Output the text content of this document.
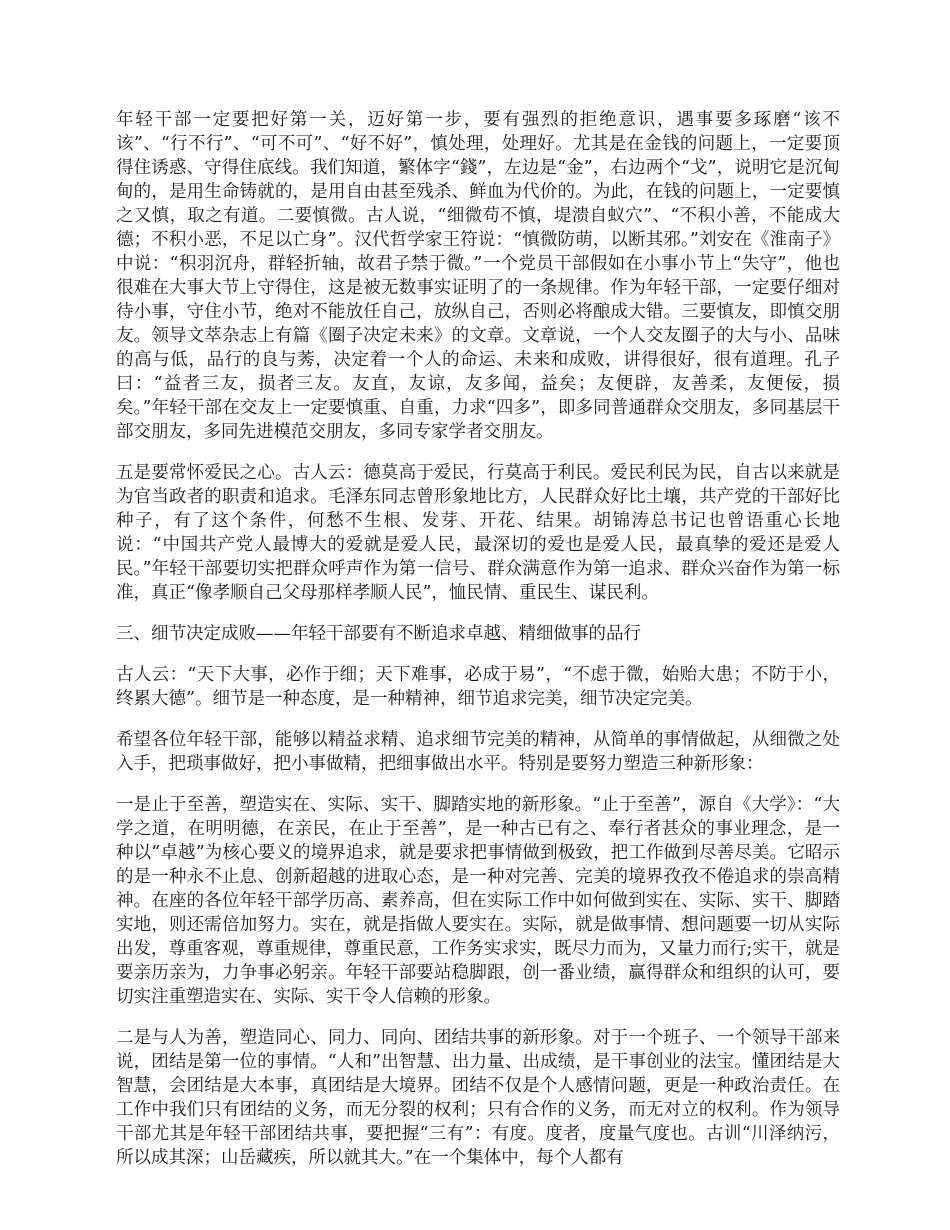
年轻干部一定要把好第一关，迈好第一步，要有强烈的拒绝意识，遇事要多琢磨“该不该”、“行不行”、“可不可”、“好不好”，慎处理，处理好。尤其是在金钱的问题上，一定要顶得住诱惑、守得住底线。我们知道，繁体字“錢”，左边是“金”，右边两个“戈”，说明它是沉甸甸的，是用生命铸就的，是用自由甚至残杀、鲜血为代价的。为此，在钱的问题上，一定要慎之又慎，取之有道。二要慎微。古人说，“细微苟不慎，堤溃自蚁穴”、“不积小善，不能成大德；不积小恶，不足以亡身”。汉代哲学家王符说：“慎微防萌，以断其邪。”刘安在《淮南子》中说：“积羽沉舟，群轻折轴，故君子禁于微。”一个党员干部假如在小事小节上“失守”，他也很难在大事大节上守得住，这是被无数事实证明了的一条规律。作为年轻干部，一定要仔细对待小事，守住小节，绝对不能放任自己，放纵自己，否则必将酿成大错。三要慎友，即慎交朋友。领导文萃杂志上有篇《圈子决定未来》的文章。文章说，一个人交友圈子的大与小、品味的高与低，品行的良与莠，决定着一个人的命运、未来和成败，讲得很好，很有道理。孔子曰：“益者三友，损者三友。友直，友谅，友多闻，益矣；友便辟，友善柔，友便佞，损矣。”年轻干部在交友上一定要慎重、自重，力求“四多”，即多同普通群众交朋友，多同基层干部交朋友，多同先进模范交朋友，多同专家学者交朋友。

五是要常怀爱民之心。古人云：德莫高于爱民，行莫高于利民。爱民利民为民，自古以来就是为官当政者的职责和追求。毛泽东同志曾形象地比方，人民群众好比土壤，共产党的干部好比种子，有了这个条件，何愁不生根、发芽、开花、结果。胡锦涛总书记也曾语重心长地说：“中国共产党人最博大的爱就是爱人民，最深切的爱也是爱人民，最真挚的爱还是爱人民。”年轻干部要切实把群众呼声作为第一信号、群众满意作为第一追求、群众兴奋作为第一标准，真正“像孝顺自己父母那样孝顺人民”，恤民情、重民生、谋民利。

三、细节决定成败——年轻干部要有不断追求卓越、精细做事的品行

古人云：“天下大事，必作于细；天下难事，必成于易”，“不虑于微，始贻大患；不防于小，终累大德”。细节是一种态度，是一种精神，细节追求完美，细节决定完美。

希望各位年轻干部，能够以精益求精、追求细节完美的精神，从简单的事情做起，从细微之处入手，把琐事做好，把小事做精，把细事做出水平。特别是要努力塑造三种新形象：

一是止于至善，塑造实在、实际、实干、脚踏实地的新形象。“止于至善”，源自《大学》：“大学之道，在明明德，在亲民，在止于至善”，是一种古已有之、奉行者甚众的事业理念，是一种以“卓越”为核心要义的境界追求，就是要求把事情做到极致，把工作做到尽善尽美。它昭示的是一种永不止息、创新超越的进取心态，是一种对完善、完美的境界孜孜不倦追求的崇高精神。在座的各位年轻干部学历高、素养高，但在实际工作中如何做到实在、实际、实干、脚踏实地，则还需倍加努力。实在，就是指做人要实在。实际，就是做事情、想问题要一切从实际出发，尊重客观，尊重规律，尊重民意，工作务实求实，既尽力而为，又量力而行;实干，就是要亲历亲为，力争事必躬亲。年轻干部要站稳脚跟，创一番业绩，赢得群众和组织的认可，要切实注重塑造实在、实际、实干令人信赖的形象。

二是与人为善，塑造同心、同力、同向、团结共事的新形象。对于一个班子、一个领导干部来说，团结是第一位的事情。“人和”出智慧、出力量、出成绩，是干事创业的法宝。懂团结是大智慧，会团结是大本事，真团结是大境界。团结不仅是个人感情问题，更是一种政治责任。在工作中我们只有团结的义务，而无分裂的权利；只有合作的义务，而无对立的权利。作为领导干部尤其是年轻干部团结共事，要把握“三有”：有度。度者，度量气度也。古训“川泽纳污，所以成其深；山岳藏疾，所以就其大。”在一个集体中，每个人都有
